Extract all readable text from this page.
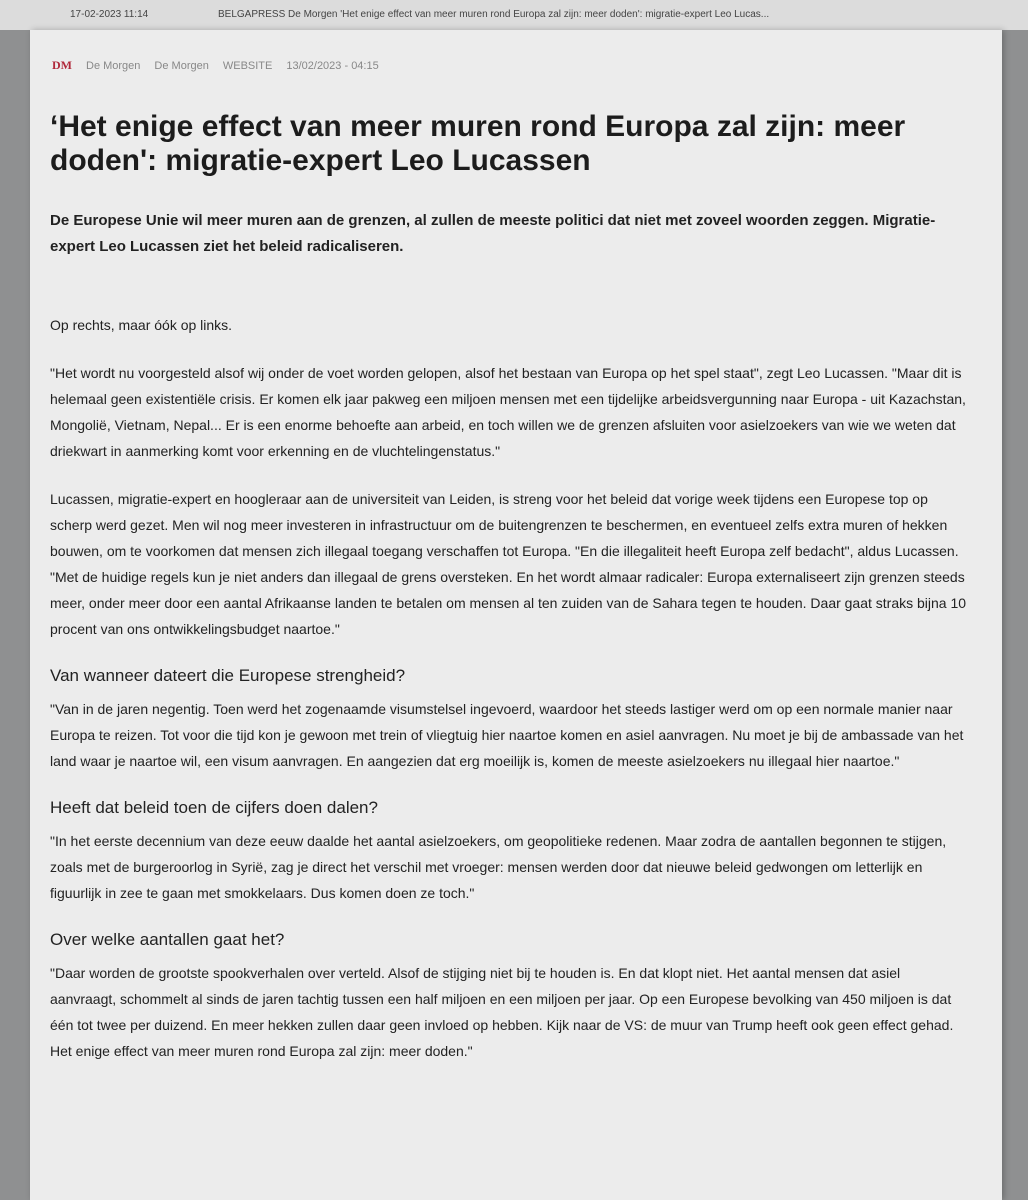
17-02-2023 11:14	BELGAPRESS De Morgen 'Het enige effect van meer muren rond Europa zal zijn: meer doden': migratie-expert Leo Lucas...
DM De Morgen De Morgen WEBSITE 13/02/2023 - 04:15
‘Het enige effect van meer muren rond Europa zal zijn: meer doden': migratie-expert Leo Lucassen

De Europese Unie wil meer muren aan de grenzen, al zullen de meeste politici dat niet met zoveel woorden zeggen. Migratie-expert Leo Lucassen ziet het beleid radicaliseren.

Op rechts, maar óók op links.

"Het wordt nu voorgesteld alsof wij onder de voet worden gelopen, alsof het bestaan van Europa op het spel staat", zegt Leo Lucassen. "Maar dit is helemaal geen existentiële crisis. Er komen elk jaar pakweg een miljoen mensen met een tijdelijke arbeidsvergunning naar Europa - uit Kazachstan, Mongolië, Vietnam, Nepal... Er is een enorme behoefte aan arbeid, en toch willen we de grenzen afsluiten voor asielzoekers van wie we weten dat driekwart in aanmerking komt voor erkenning en de vluchtelingenstatus."

Lucassen, migratie-expert en hoogleraar aan de universiteit van Leiden, is streng voor het beleid dat vorige week tijdens een Europese top op scherp werd gezet. Men wil nog meer investeren in infrastructuur om de buitengrenzen te beschermen, en eventueel zelfs extra muren of hekken bouwen, om te voorkomen dat mensen zich illegaal toegang verschaffen tot Europa. "En die illegaliteit heeft Europa zelf bedacht", aldus Lucassen. "Met de huidige regels kun je niet anders dan illegaal de grens oversteken. En het wordt almaar radicaler: Europa externaliseert zijn grenzen steeds meer, onder meer door een aantal Afrikaanse landen te betalen om mensen al ten zuiden van de Sahara tegen te houden. Daar gaat straks bijna 10 procent van ons ontwikkelingsbudget naartoe."

Van wanneer dateert die Europese strengheid?

"Van in de jaren negentig. Toen werd het zogenaamde visumstelsel ingevoerd, waardoor het steeds lastiger werd om op een normale manier naar Europa te reizen. Tot voor die tijd kon je gewoon met trein of vliegtuig hier naartoe komen en asiel aanvragen. Nu moet je bij de ambassade van het land waar je naartoe wil, een visum aanvragen. En aangezien dat erg moeilijk is, komen de meeste asielzoekers nu illegaal hier naartoe."

Heeft dat beleid toen de cijfers doen dalen?

"In het eerste decennium van deze eeuw daalde het aantal asielzoekers, om geopolitieke redenen. Maar zodra de aantallen begonnen te stijgen, zoals met de burgeroorlog in Syrië, zag je direct het verschil met vroeger: mensen werden door dat nieuwe beleid gedwongen om letterlijk en figuurlijk in zee te gaan met smokkelaars. Dus komen doen ze toch."

Over welke aantallen gaat het?

"Daar worden de grootste spookverhalen over verteld. Alsof de stijging niet bij te houden is. En dat klopt niet. Het aantal mensen dat asiel aanvraagt, schommelt al sinds de jaren tachtig tussen een half miljoen en een miljoen per jaar. Op een Europese bevolking van 450 miljoen is dat één tot twee per duizend. En meer hekken zullen daar geen invloed op hebben. Kijk naar de VS: de muur van Trump heeft ook geen effect gehad. Het enige effect van meer muren rond Europa zal zijn: meer doden."
